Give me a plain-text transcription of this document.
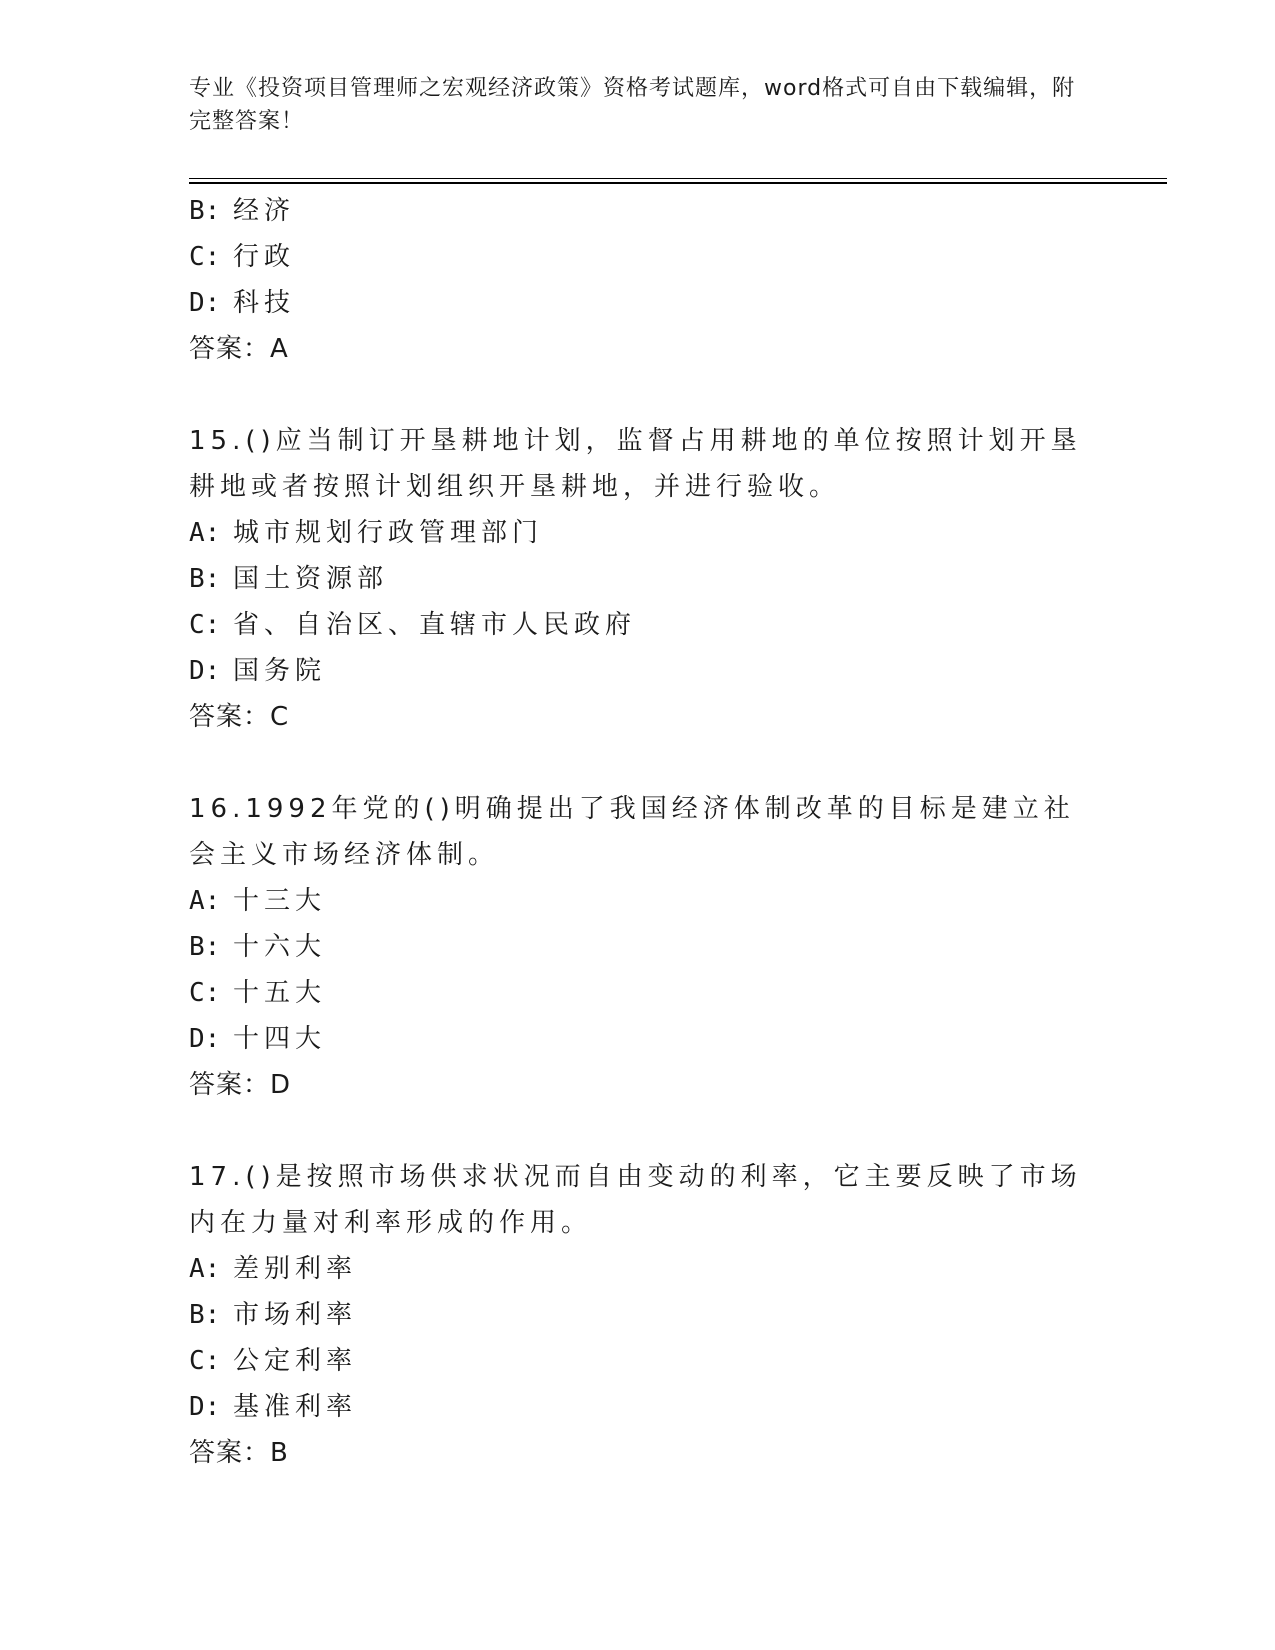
专业《投资项目管理师之宏观经济政策》资格考试题库，word格式可自由下载编辑，附完整答案！
B: 经济
C: 行政
D: 科技
答案：A
15.()应当制订开垦耕地计划，监督占用耕地的单位按照计划开垦耕地或者按照计划组织开垦耕地，并进行验收。
A: 城市规划行政管理部门
B: 国土资源部
C: 省、自治区、直辖市人民政府
D: 国务院
答案：C
16.1992年党的()明确提出了我国经济体制改革的目标是建立社会主义市场经济体制。
A: 十三大
B: 十六大
C: 十五大
D: 十四大
答案：D
17.()是按照市场供求状况而自由变动的利率，它主要反映了市场内在力量对利率形成的作用。
A: 差别利率
B: 市场利率
C: 公定利率
D: 基准利率
答案：B
